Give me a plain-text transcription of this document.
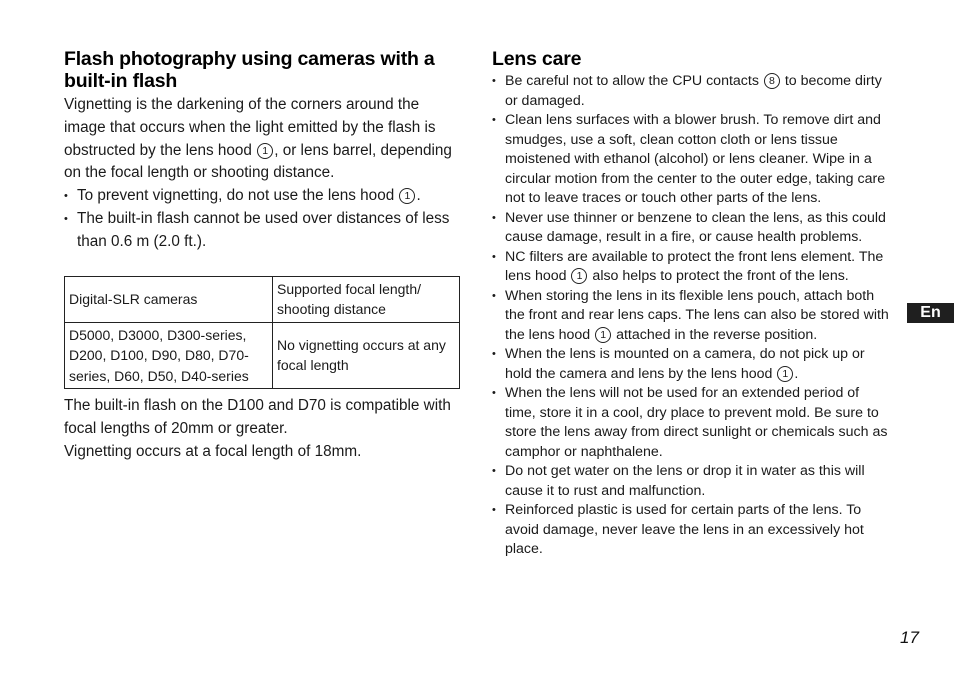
Flash photography using cameras with a built-in flash

Vignetting is the darkening of the corners around the image that occurs when the light emitted by the flash is obstructed by the lens hood 1 , or lens barrel, depending on the focal length or shooting distance.

• To prevent vignetting, do not use the lens hood 1 .
• The built-in flash cannot be used over distances of less than 0.6 m (2.0 ft.).
Digital-SLR cameras	Supported focal length/ shooting distance
D5000, D3000, D300-series, D200, D100, D90, D80, D70-series, D60, D50, D40-series	No vignetting occurs at any focal length

The built-in flash on the D100 and D70 is compatible with focal lengths of 20mm or greater.

Vignetting occurs at a focal length of 18mm.

Lens care
• Be careful not to allow the CPU contacts 8 to become dirty or damaged.
• Clean lens surfaces with a blower brush. To remove dirt and smudges, use a soft, clean cotton cloth or lens tissue moistened with ethanol (alcohol) or lens cleaner. Wipe in a circular motion from the center to the outer edge, taking care not to leave traces or touch other parts of the lens.
• Never use thinner or benzene to clean the lens, as this could cause damage, result in a fire, or cause health problems.
• NC filters are available to protect the front lens element. The lens hood 1 also helps to protect the front of the lens.
• When storing the lens in its flexible lens pouch, attach both the front and rear lens caps. The lens can also be stored with the lens hood 1 attached in the reverse position.
• When the lens is mounted on a camera, do not pick up or hold the camera and lens by the lens hood 1 .
• When the lens will not be used for an extended period of time, store it in a cool, dry place to prevent mold. Be sure to store the lens away from direct sunlight or chemicals such as camphor or naphthalene.
• Do not get water on the lens or drop it in water as this will cause it to rust and malfunction.
• Reinforced plastic is used for certain parts of the lens. To avoid damage, never leave the lens in an excessively hot place.
En
17
